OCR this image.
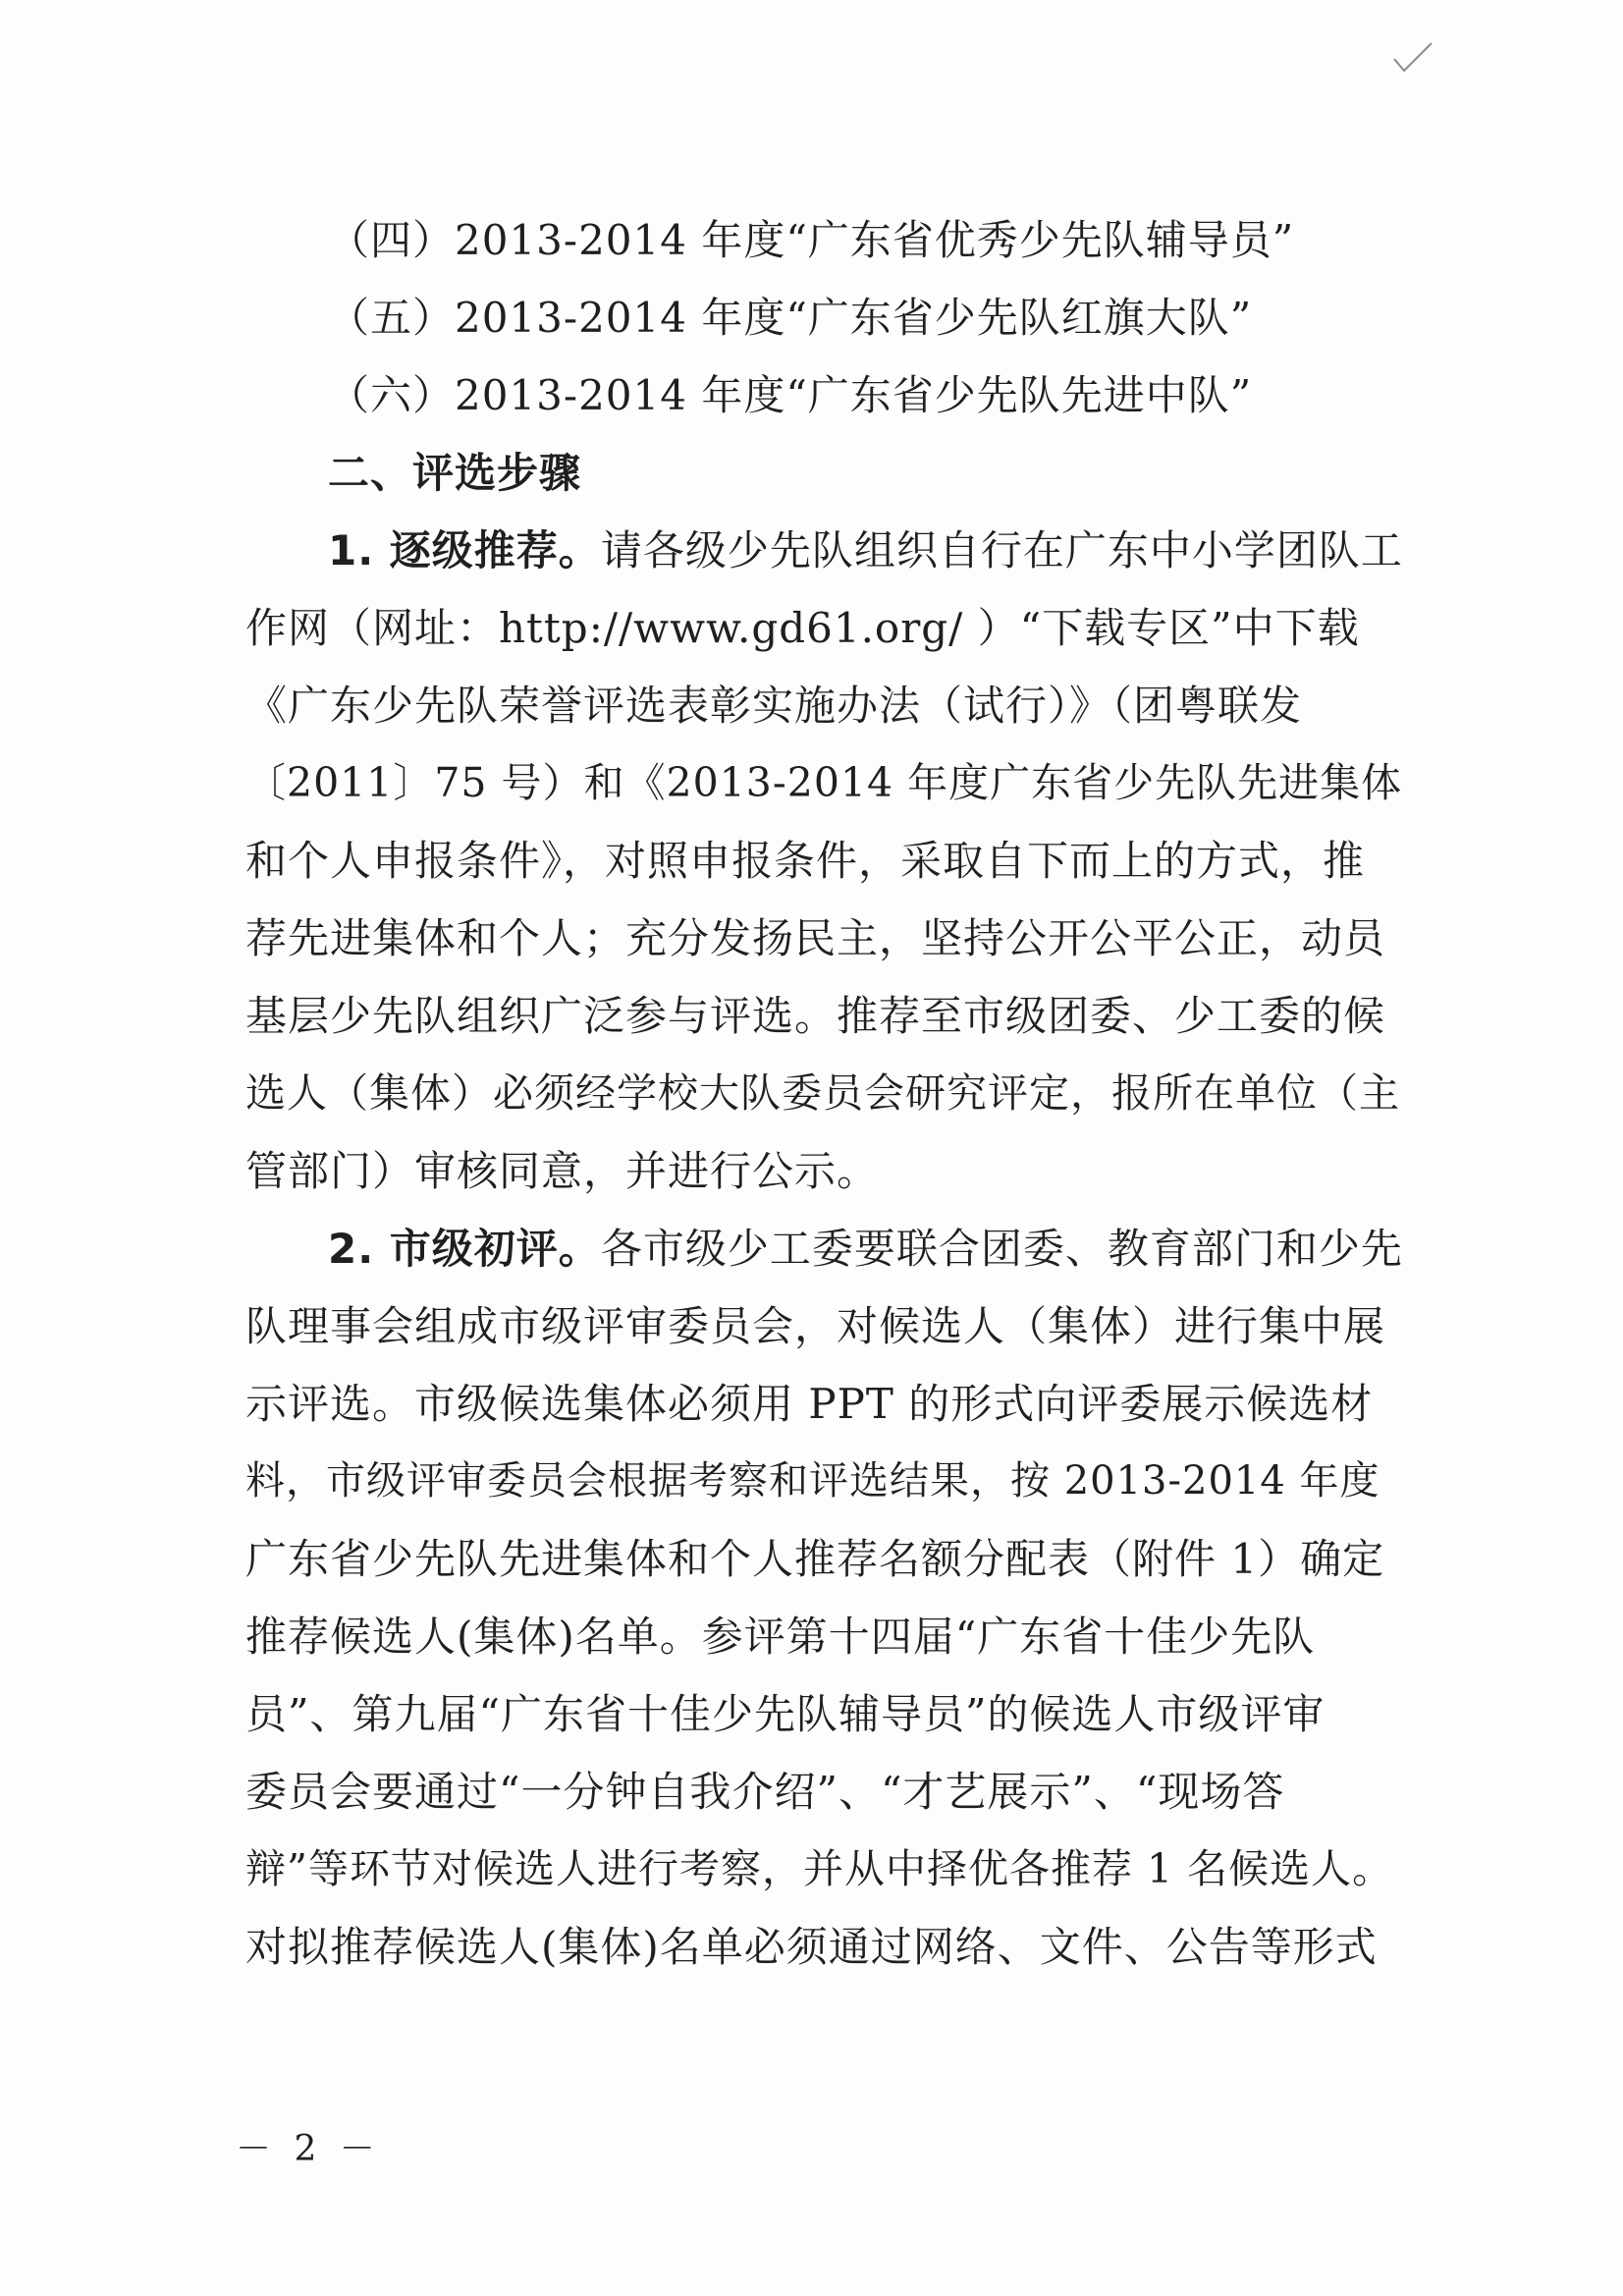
（四）2013-2014 年度“广东省优秀少先队辅导员”
（五）2013-2014 年度“广东省少先队红旗大队”
（六）2013-2014 年度“广东省少先队先进中队”
二、评选步骤
1. 逐级推荐。请各级少先队组织自行在广东中小学团队工
作网（网址：http://www.gd61.org/ ）“下载专区”中下载
《广东少先队荣誉评选表彰实施办法（试行）》（团粤联发
〔2011〕75 号）和《2013-2014 年度广东省少先队先进集体
和个人申报条件》，对照申报条件，采取自下而上的方式，推
荐先进集体和个人；充分发扬民主，坚持公开公平公正，动员
基层少先队组织广泛参与评选。推荐至市级团委、少工委的候
选人（集体）必须经学校大队委员会研究评定，报所在单位（主
管部门）审核同意，并进行公示。
2. 市级初评。各市级少工委要联合团委、教育部门和少先
队理事会组成市级评审委员会，对候选人（集体）进行集中展
示评选。市级候选集体必须用 PPT 的形式向评委展示候选材
料，市级评审委员会根据考察和评选结果，按 2013-2014 年度
广东省少先队先进集体和个人推荐名额分配表（附件 1）确定
推荐候选人(集体)名单。参评第十四届“广东省十佳少先队
员”、第九届“广东省十佳少先队辅导员”的候选人市级评审
委员会要通过“一分钟自我介绍”、“才艺展示”、“现场答
辩”等环节对候选人进行考察，并从中择优各推荐 1 名候选人。
对拟推荐候选人(集体)名单必须通过网络、文件、公告等形式
－ 2 －
